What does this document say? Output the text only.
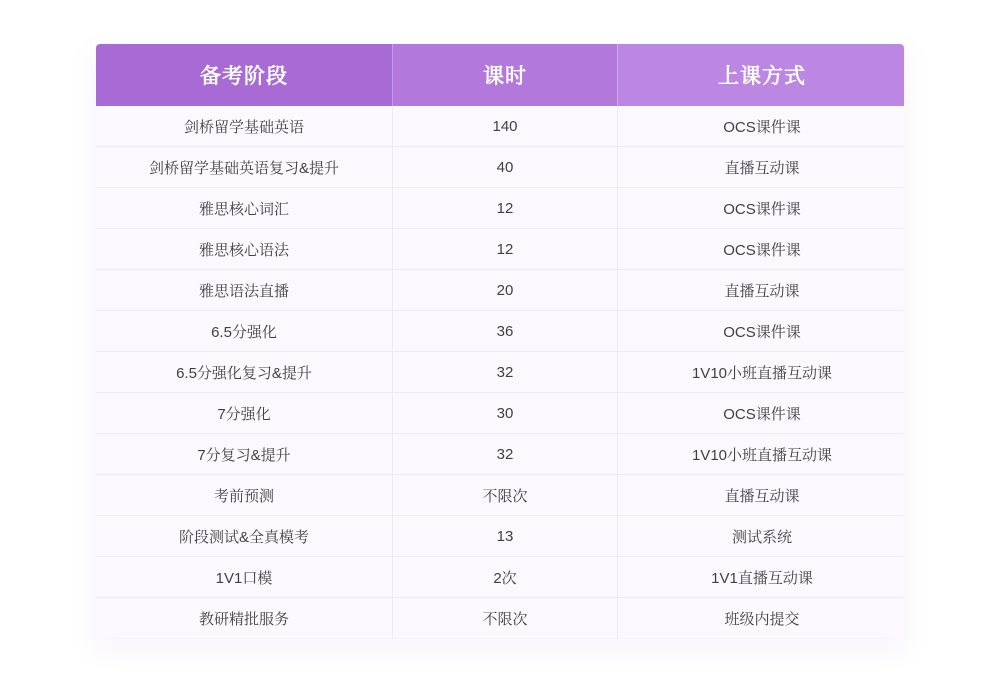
备考阶段	课时	上课方式
剑桥留学基础英语	140	OCS课件课
剑桥留学基础英语复习&提升	40	直播互动课
雅思核心词汇	12	OCS课件课
雅思核心语法	12	OCS课件课
雅思语法直播	20	直播互动课
6.5分强化	36	OCS课件课
6.5分强化复习&提升	32	1V10小班直播互动课
7分强化	30	OCS课件课
7分复习&提升	32	1V10小班直播互动课
考前预测	不限次	直播互动课
阶段测试&全真模考	13	测试系统
1V1口模	2次	1V1直播互动课
教研精批服务	不限次	班级内提交
